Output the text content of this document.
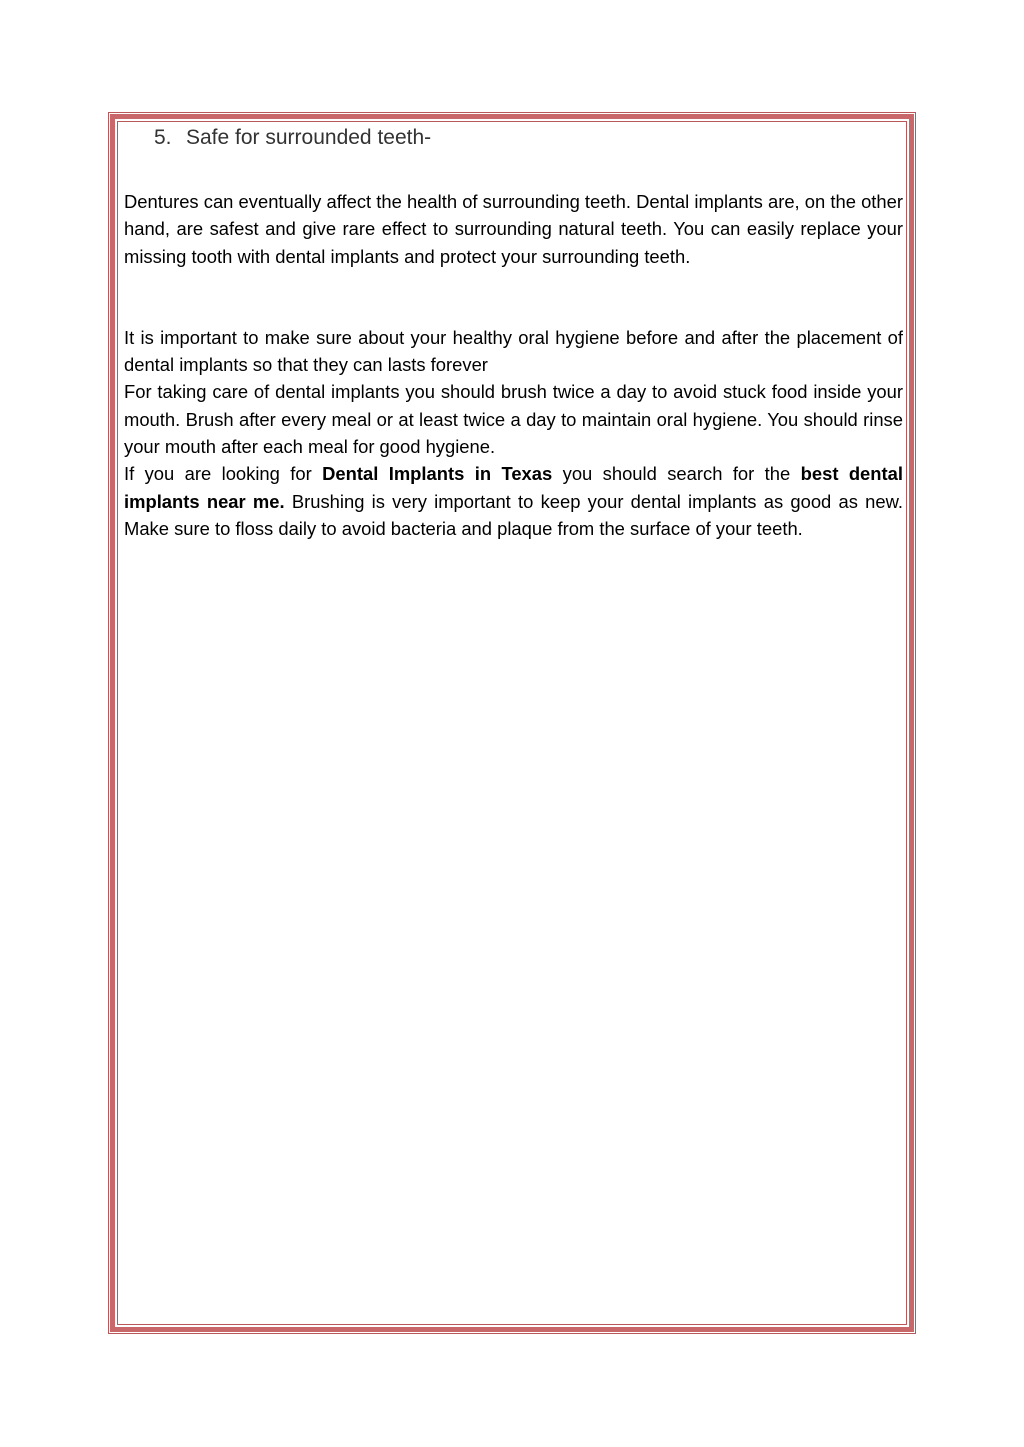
5. Safe for surrounded teeth-

Dentures can eventually affect the health of surrounding teeth. Dental implants are, on the other hand, are safest and give rare effect to surrounding natural teeth. You can easily replace your missing tooth with dental implants and protect your surrounding teeth.

It is important to make sure about your healthy oral hygiene before and after the placement of dental implants so that they can lasts forever

For taking care of dental implants you should brush twice a day to avoid stuck food inside your mouth. Brush after every meal or at least twice a day to maintain oral hygiene. You should rinse your mouth after each meal for good hygiene.

If you are looking for Dental Implants in Texas you should search for the best dental implants near me. Brushing is very important to keep your dental implants as good as new. Make sure to floss daily to avoid bacteria and plaque from the surface of your teeth.
